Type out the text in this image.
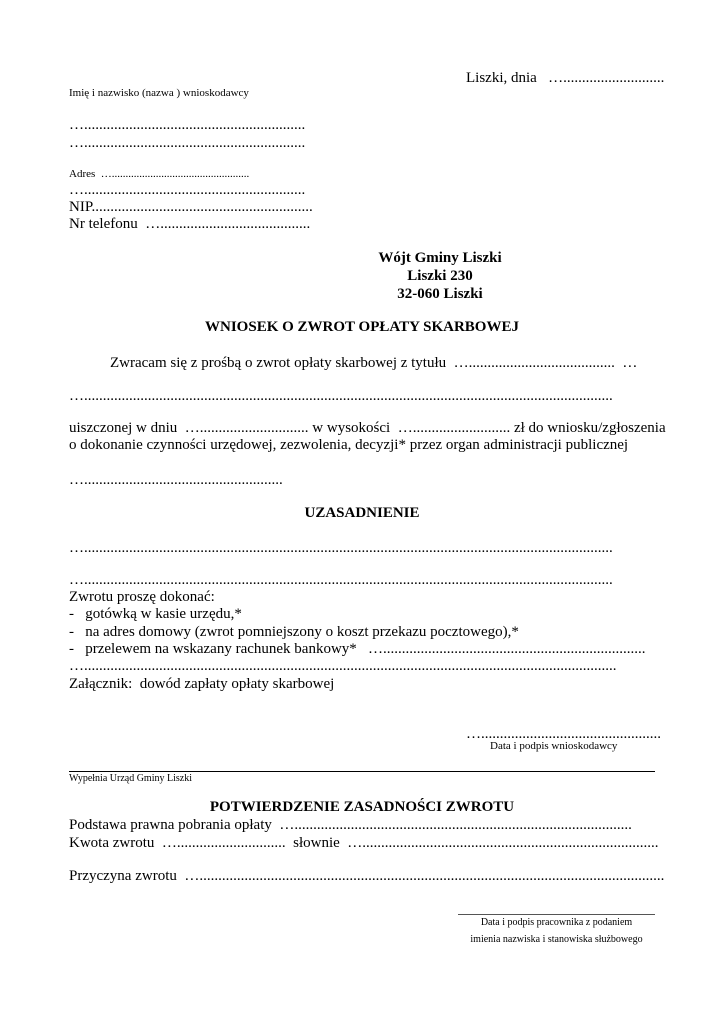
Liszki, dnia   …...........................
Imię i nazwisko (nazwa ) wnioskodawcy
…...........................................................
…...........................................................
Adres  …..................................................
…...........................................................
NIP...........................................................
Nr telefonu  …........................................
Wójt Gminy Liszki
Liszki 230
32-060 Liszki
WNIOSEK O ZWROT OPŁATY SKARBOWEJ
Zwracam się z prośbą o zwrot opłaty skarbowej z tytułu  ….......................................  …
….............................................................................................................................................
uiszczonej w dniu  …............................. w wysokości  ….......................... zł do wniosku/zgłoszenia
o dokonanie czynności urzędowej, zezwolenia, decyzji* przez organ administracji publicznej
….....................................................
UZASADNIENIE
….............................................................................................................................................
….............................................................................................................................................
Zwrotu proszę dokonać:
-   gotówką w kasie urzędu,*
-   na adres domowy (zwrot pomniejszony o koszt przekazu pocztowego),*
-   przelewem na wskazany rachunek bankowy*   …......................................................................
…..............................................................................................................................................
Załącznik:  dowód zapłaty opłaty skarbowej
…................................................
Data i podpis wnioskodawcy
Wypełnia Urząd Gminy Liszki
POTWIERDZENIE ZASADNOŚCI ZWROTU
Podstawa prawna pobrania opłaty  …..........................................................................................
Kwota zwrotu  ….............................  słownie  …...............................................................................
Przyczyna zwrotu  …............................................................................................................................
Data i podpis pracownika z podaniem
imienia nazwiska i stanowiska służbowego
